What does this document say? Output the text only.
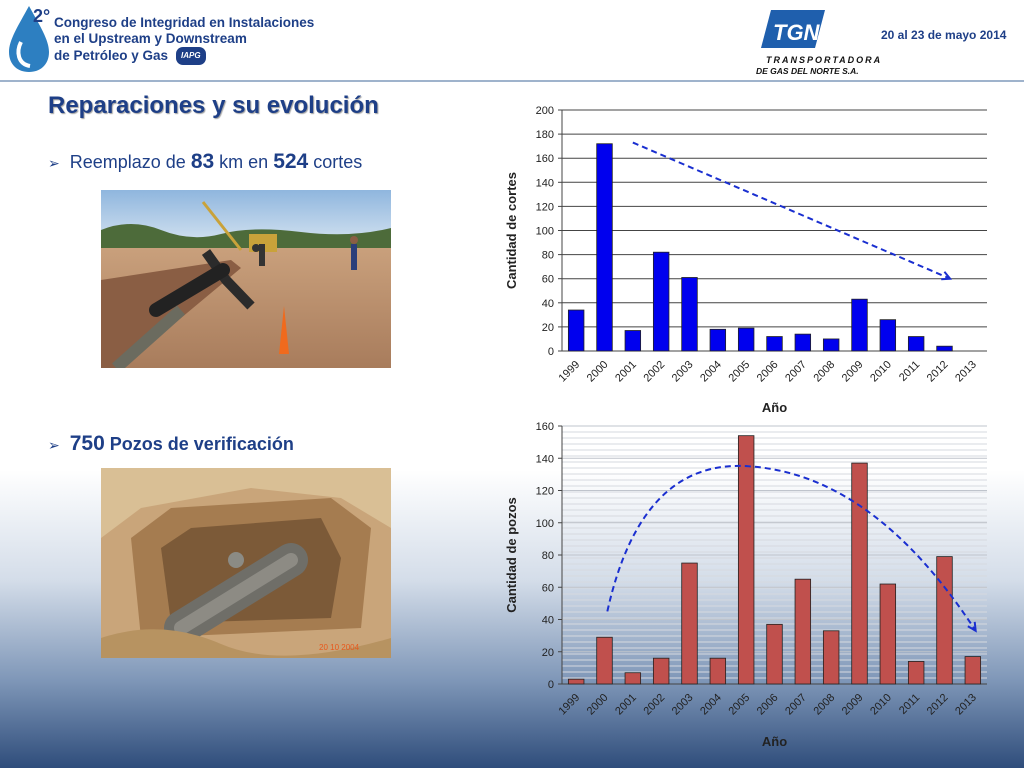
2° Congreso de Integridad en Instalaciones
en el Upstream y Downstream
de Petróleo y Gas	IAPG
TGN
TRANSPORTADORA
DE GAS DEL NORTE S.A.
20 al 23 de mayo 2014
Reparaciones y su evolución
➢ Reemplazo de 83 km en 524 cortes
➢ 750 Pozos de verificación
20 10 2004
0
20
40
60
80
100
120
140
160
180
200
1999 2000 2001 2002 2003 2004 2005 2006 2007 2008 2009 2010 2011 2012 2013
Año
Cantidad de cortes
0
20
40
60
80
100
120
140
160
1999 2000 2001 2002 2003 2004 2005 2006 2007 2008 2009 2010 2011 2012 2013
Año
Cantidad de pozos
